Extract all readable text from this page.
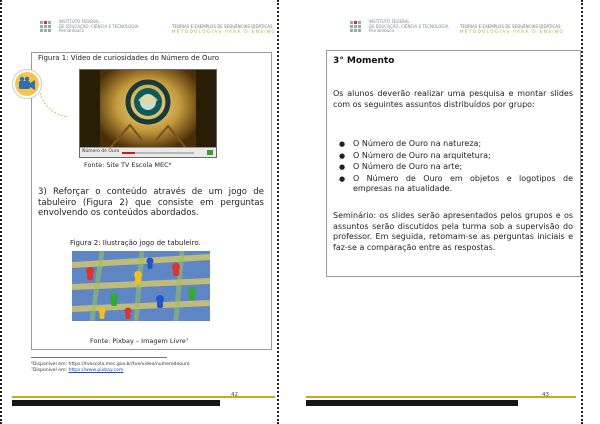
INSTITUTO FEDERAL
DE EDUCAÇÃO, CIÊNCIA E TECNOLOGIA
Pernambuco
TEORIAS E EXEMPLOS DE SEQUÊNCIAS DIDÁTICAS
METODOLOGIAS PARA O ENSINO
Figura 1: Vídeo de curiosidades do Número de Ouro
Número de Ouro
Fonte: Site TV Escola MEC⁶
3) Reforçar o conteúdo através de um jogo de tabuleiro (Figura 2) que consiste em perguntas envolvendo os conteúdos abordados.
Figura 2: Ilustração jogo de tabuleiro.
Fonte: Pixbay – Imagem Livre⁷
⁶Disponível em: https://tvescola.mec.gov.br/tve/video/numerodeouro
⁷Disponível em: https://www.pixbay.com
42
INSTITUTO FEDERAL
DE EDUCAÇÃO, CIÊNCIA E TECNOLOGIA
Pernambuco
TEORIAS E EXEMPLOS DE SEQUÊNCIAS DIDÁTICAS
METODOLOGIAS PARA O ENSINO
3° Momento
Os alunos deverão realizar uma pesquisa e montar slides com os seguintes assuntos distribuídos por grupo:
● O Número de Ouro na natureza;
● O Número de Ouro na arquitetura;
● O Número de Ouro na arte;
● O Número de Ouro em objetos e logotipos de empresas na atualidade.
Seminário: os slides serão apresentados pelos grupos e os assuntos serão discutidos pela turma sob a supervisão do professor. Em seguida, retomam-se as perguntas iniciais e faz-se a comparação entre as respostas.
43
